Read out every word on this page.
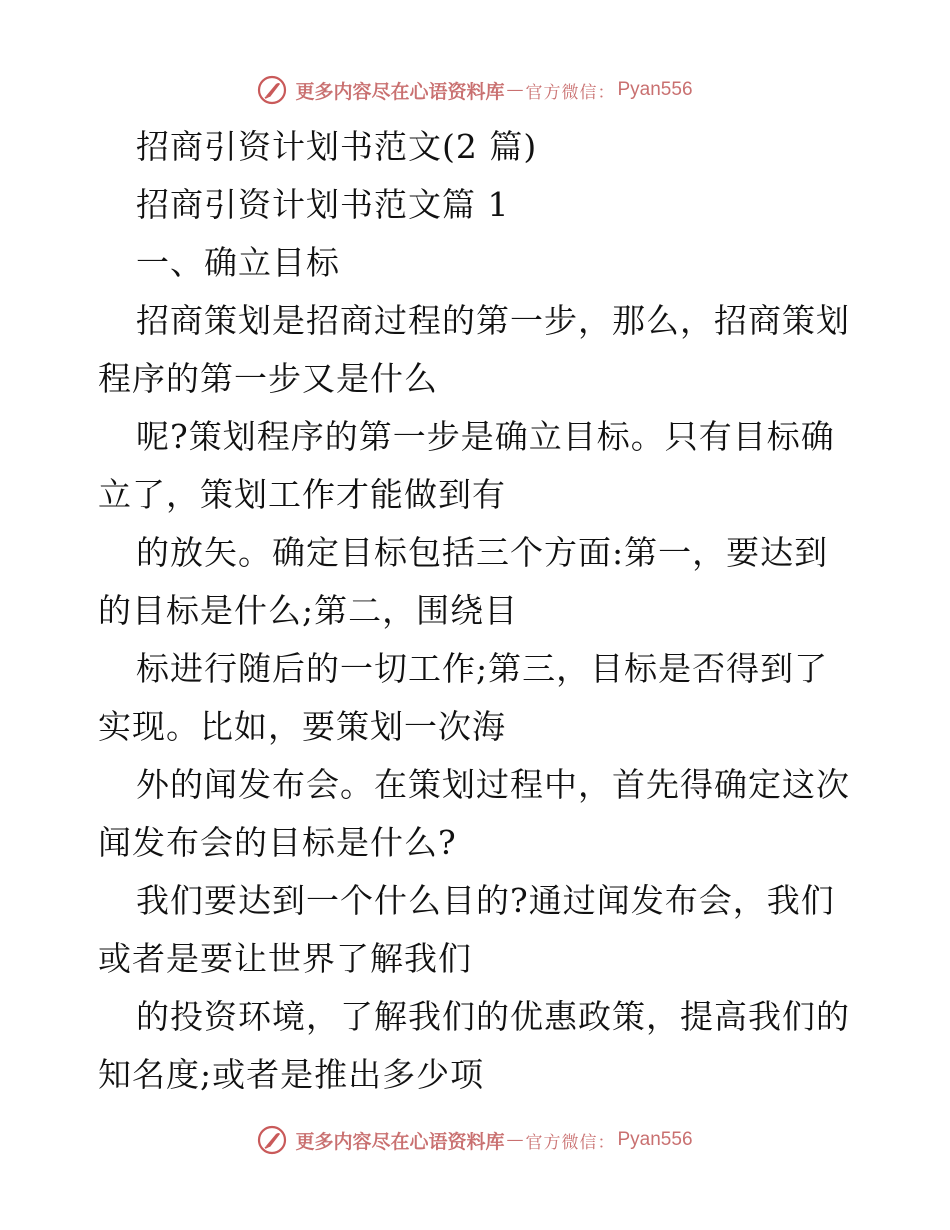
更多内容尽在心语资料库 — 官方微信： Pyan556
招商引资计划书范文(2 篇)
招商引资计划书范文篇 1
一、确立目标
招商策划是招商过程的第一步，那么，招商策划
程序的第一步又是什么
呢?策划程序的第一步是确立目标。只有目标确
立了，策划工作才能做到有
的放矢。确定目标包括三个方面:第一，要达到
的目标是什么;第二，围绕目
标进行随后的一切工作;第三，目标是否得到了
实现。比如，要策划一次海
外的闻发布会。在策划过程中，首先得确定这次
闻发布会的目标是什么?
我们要达到一个什么目的?通过闻发布会，我们
或者是要让世界了解我们
的投资环境，了解我们的优惠政策，提高我们的
知名度;或者是推出多少项
更多内容尽在心语资料库 — 官方微信： Pyan556
